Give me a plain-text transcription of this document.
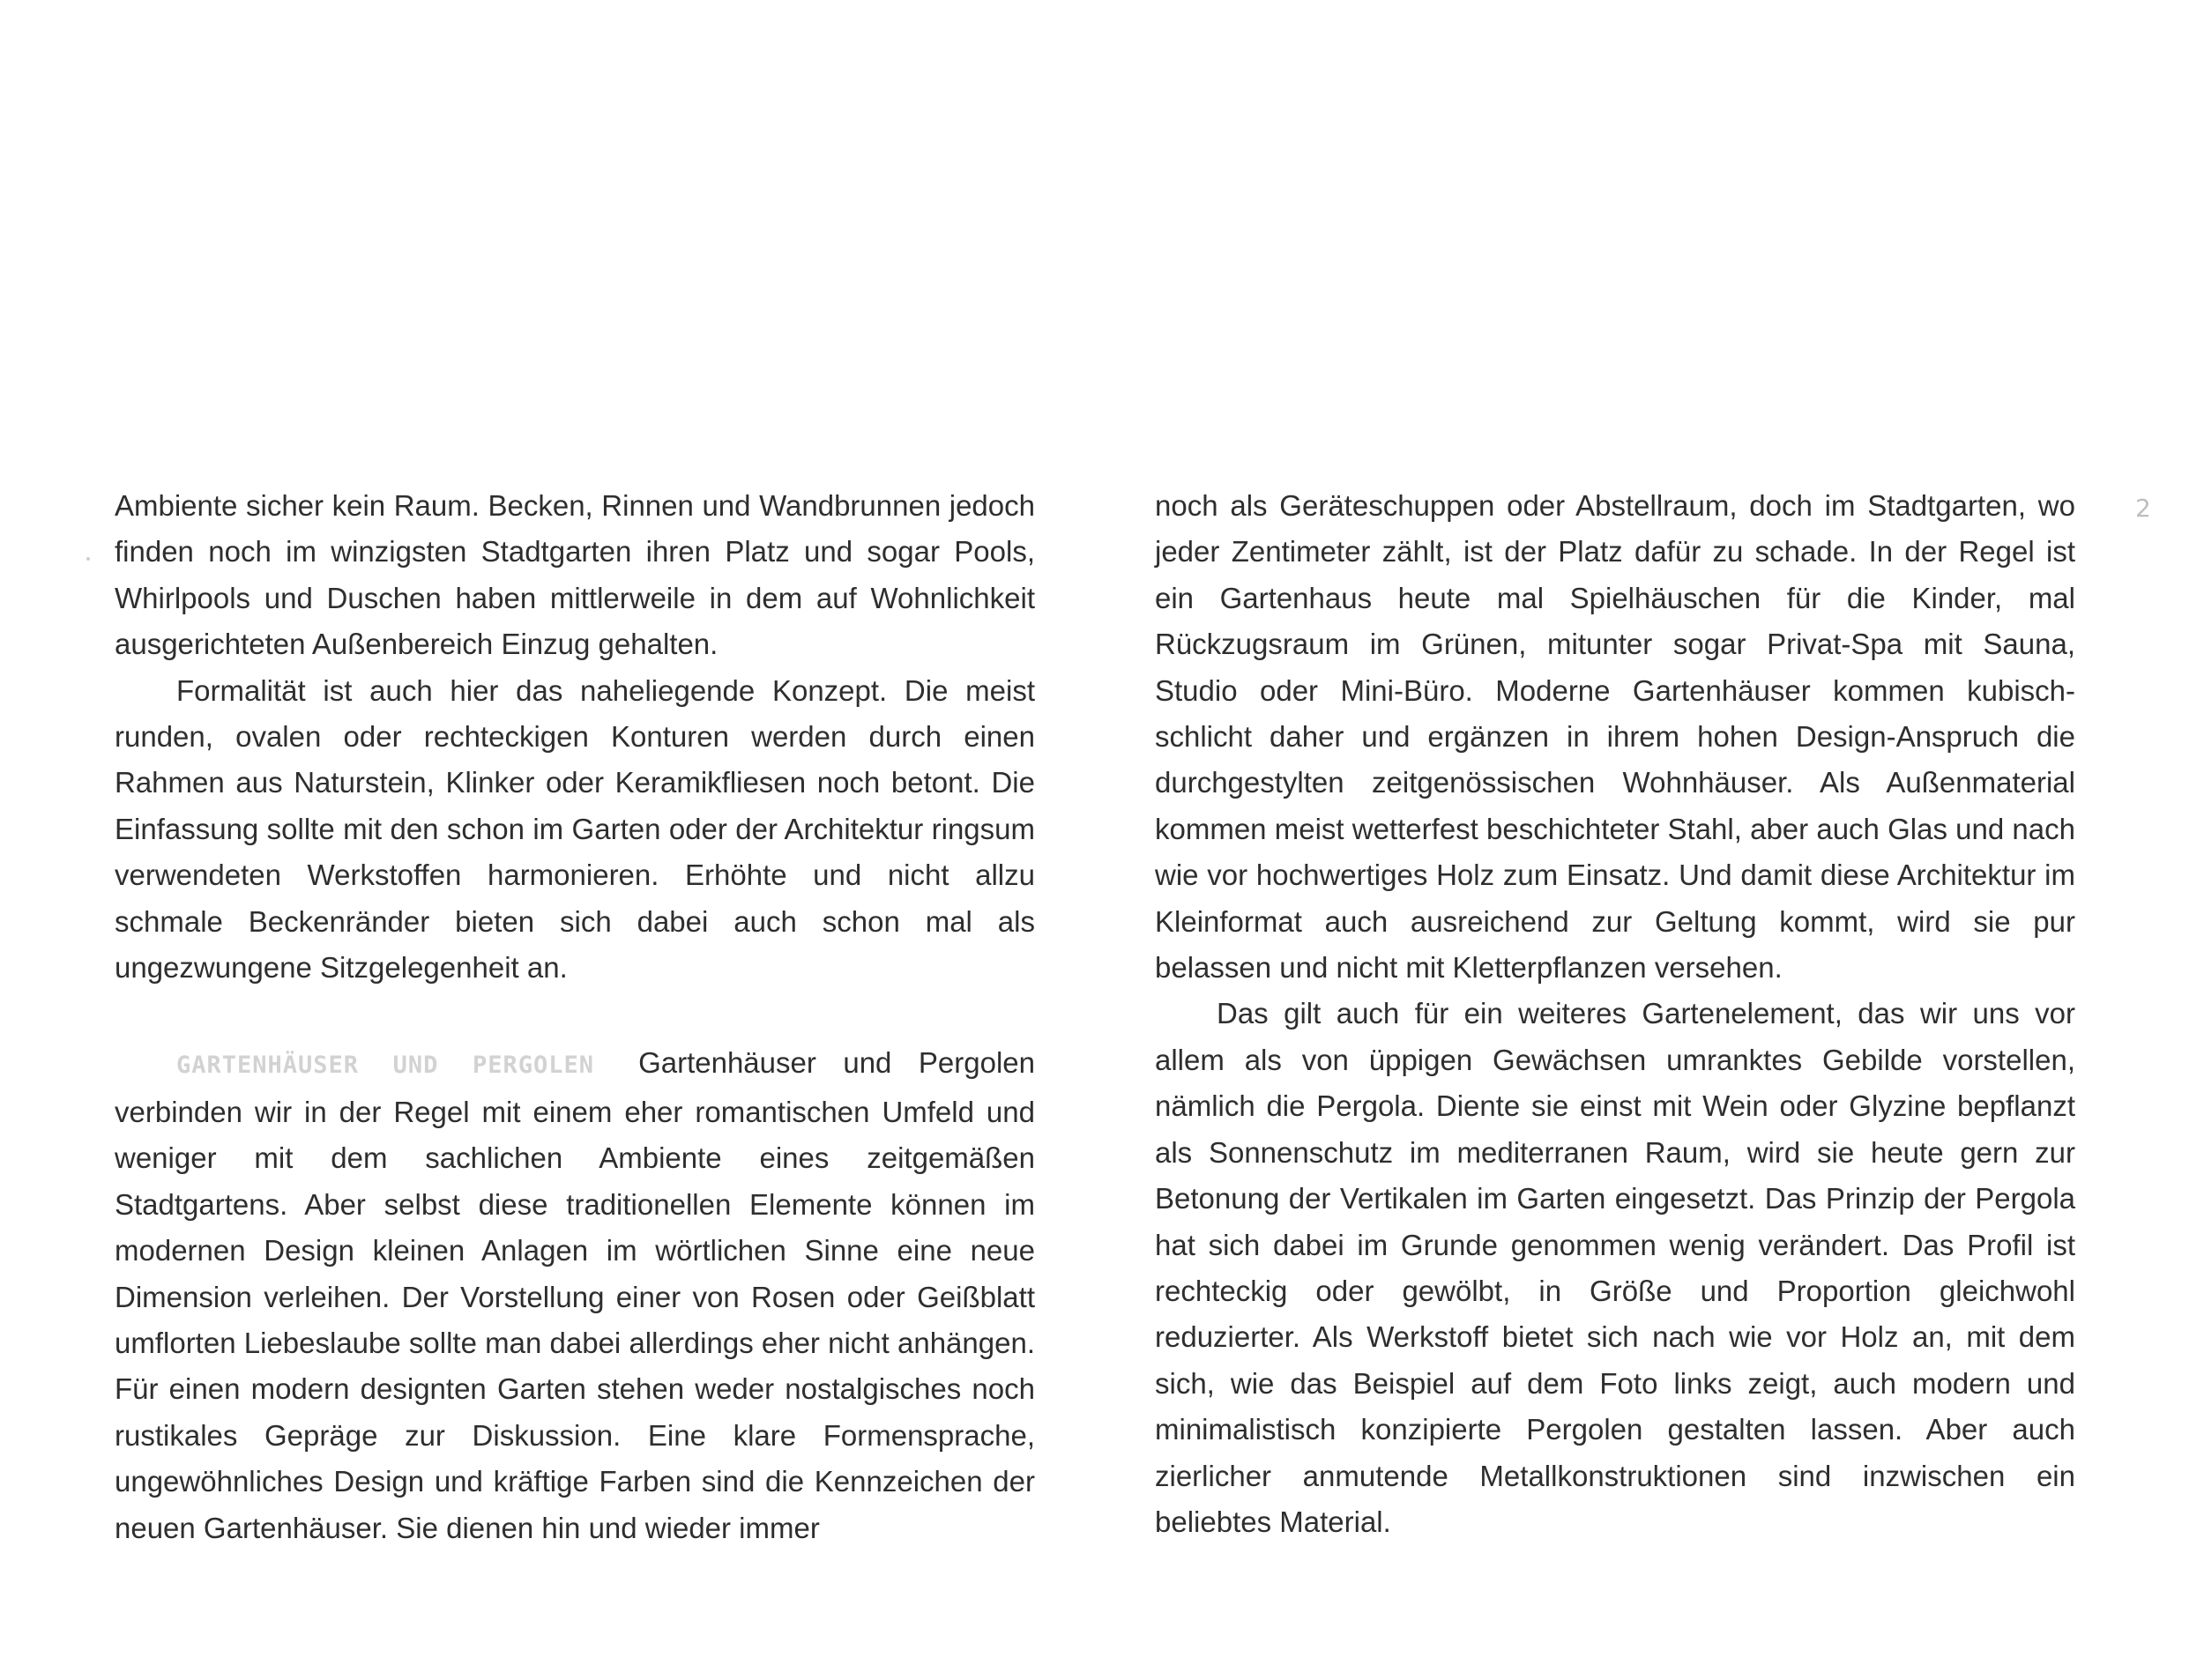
2

Ambiente sicher kein Raum. Becken, Rinnen und Wandbrunnen jedoch finden noch im winzigsten Stadtgarten ihren Platz und sogar Pools, Whirlpools und Duschen haben mittlerweile in dem auf Wohnlichkeit ausgerichteten Außenbereich Einzug gehalten.

Formalität ist auch hier das naheliegende Konzept. Die meist runden, ovalen oder rechteckigen Konturen werden durch einen Rahmen aus Naturstein, Klinker oder Keramikfliesen noch betont. Die Einfassung sollte mit den schon im Garten oder der Architektur ringsum verwendeten Werkstoffen harmonieren. Erhöhte und nicht allzu schmale Beckenränder bieten sich dabei auch schon mal als ungezwungene Sitzgelegenheit an.

GARTENHÄUSER UND PERGOLEN Gartenhäuser und Pergolen verbinden wir in der Regel mit einem eher romantischen Umfeld und weniger mit dem sachlichen Ambiente eines zeitgemäßen Stadtgartens. Aber selbst diese traditionellen Elemente können im modernen Design kleinen Anlagen im wörtlichen Sinne eine neue Dimension verleihen. Der Vorstellung einer von Rosen oder Geißblatt umflorten Liebeslaube sollte man dabei allerdings eher nicht anhängen. Für einen modern designten Garten stehen weder nostalgisches noch rustikales Gepräge zur Diskussion. Eine klare Formensprache, ungewöhnliches Design und kräftige Farben sind die Kennzeichen der neuen Gartenhäuser. Sie dienen hin und wieder immer

noch als Geräteschuppen oder Abstellraum, doch im Stadtgarten, wo jeder Zentimeter zählt, ist der Platz dafür zu schade. In der Regel ist ein Gartenhaus heute mal Spielhäuschen für die Kinder, mal Rückzugsraum im Grünen, mitunter sogar Privat-Spa mit Sauna, Studio oder Mini-Büro. Moderne Gartenhäuser kommen kubisch-schlicht daher und ergänzen in ihrem hohen Design-Anspruch die durchgestylten zeitgenössischen Wohnhäuser. Als Außenmaterial kommen meist wetterfest beschichteter Stahl, aber auch Glas und nach wie vor hochwertiges Holz zum Einsatz. Und damit diese Architektur im Kleinformat auch ausreichend zur Geltung kommt, wird sie pur belassen und nicht mit Kletterpflanzen versehen.

Das gilt auch für ein weiteres Gartenelement, das wir uns vor allem als von üppigen Gewächsen umranktes Gebilde vorstellen, nämlich die Pergola. Diente sie einst mit Wein oder Glyzine bepflanzt als Sonnenschutz im mediterranen Raum, wird sie heute gern zur Betonung der Vertikalen im Garten eingesetzt. Das Prinzip der Pergola hat sich dabei im Grunde genommen wenig verändert. Das Profil ist rechteckig oder gewölbt, in Größe und Proportion gleichwohl reduzierter. Als Werkstoff bietet sich nach wie vor Holz an, mit dem sich, wie das Beispiel auf dem Foto links zeigt, auch modern und minimalistisch konzipierte Pergolen gestalten lassen. Aber auch zierlicher anmutende Metallkonstruktionen sind inzwischen ein beliebtes Material.
